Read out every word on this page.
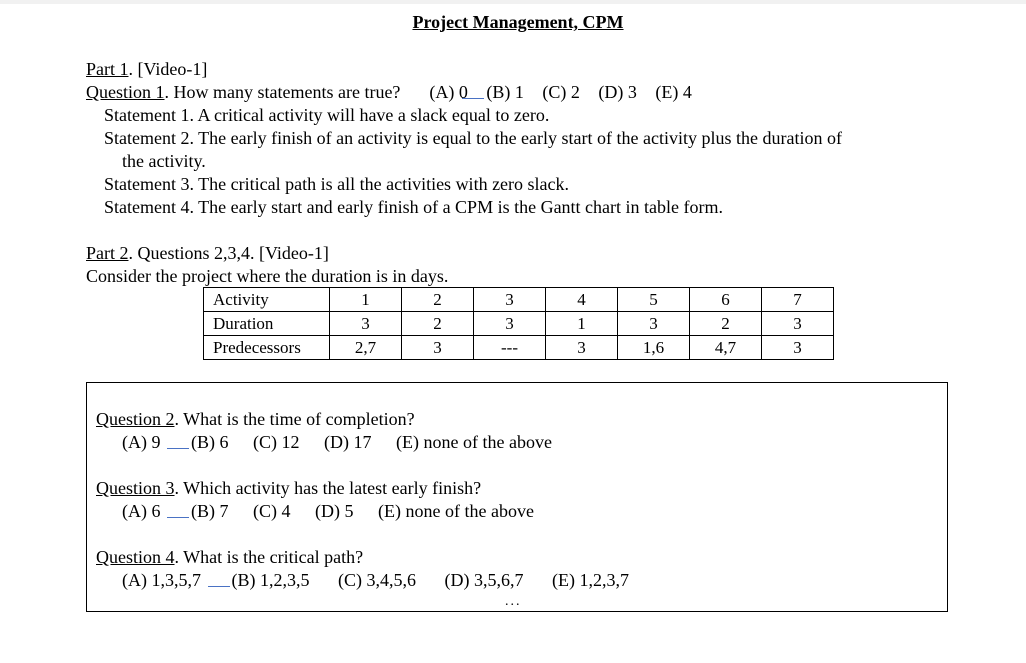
Project Management, CPM
Part 1. [Video-1]
Question 1. How many statements are true? (A) 0 (B) 1 (C) 2 (D) 3 (E) 4
Statement 1. A critical activity will have a slack equal to zero.
Statement 2. The early finish of an activity is equal to the early start of the activity plus the duration of
the activity.
Statement 3. The critical path is all the activities with zero slack.
Statement 4. The early start and early finish of a CPM is the Gantt chart in table form.
Part 2. Questions 2,3,4. [Video-1]
Consider the project where the duration is in days.
Activity	1	2	3	4	5	6	7
Duration	3	2	3	1	3	2	3
Predecessors	2,7	3	---	3	1,6	4,7	3
Question 2. What is the time of completion?
(A) 9 (B) 6 (C) 12 (D) 17 (E) none of the above
Question 3. Which activity has the latest early finish?
(A) 6 (B) 7 (C) 4 (D) 5 (E) none of the above
Question 4. What is the critical path?
(A) 1,3,5,7 (B) 1,2,3,5 (C) 3,4,5,6 (D) 3,5,6,7 (E) 1,2,3,7
...
